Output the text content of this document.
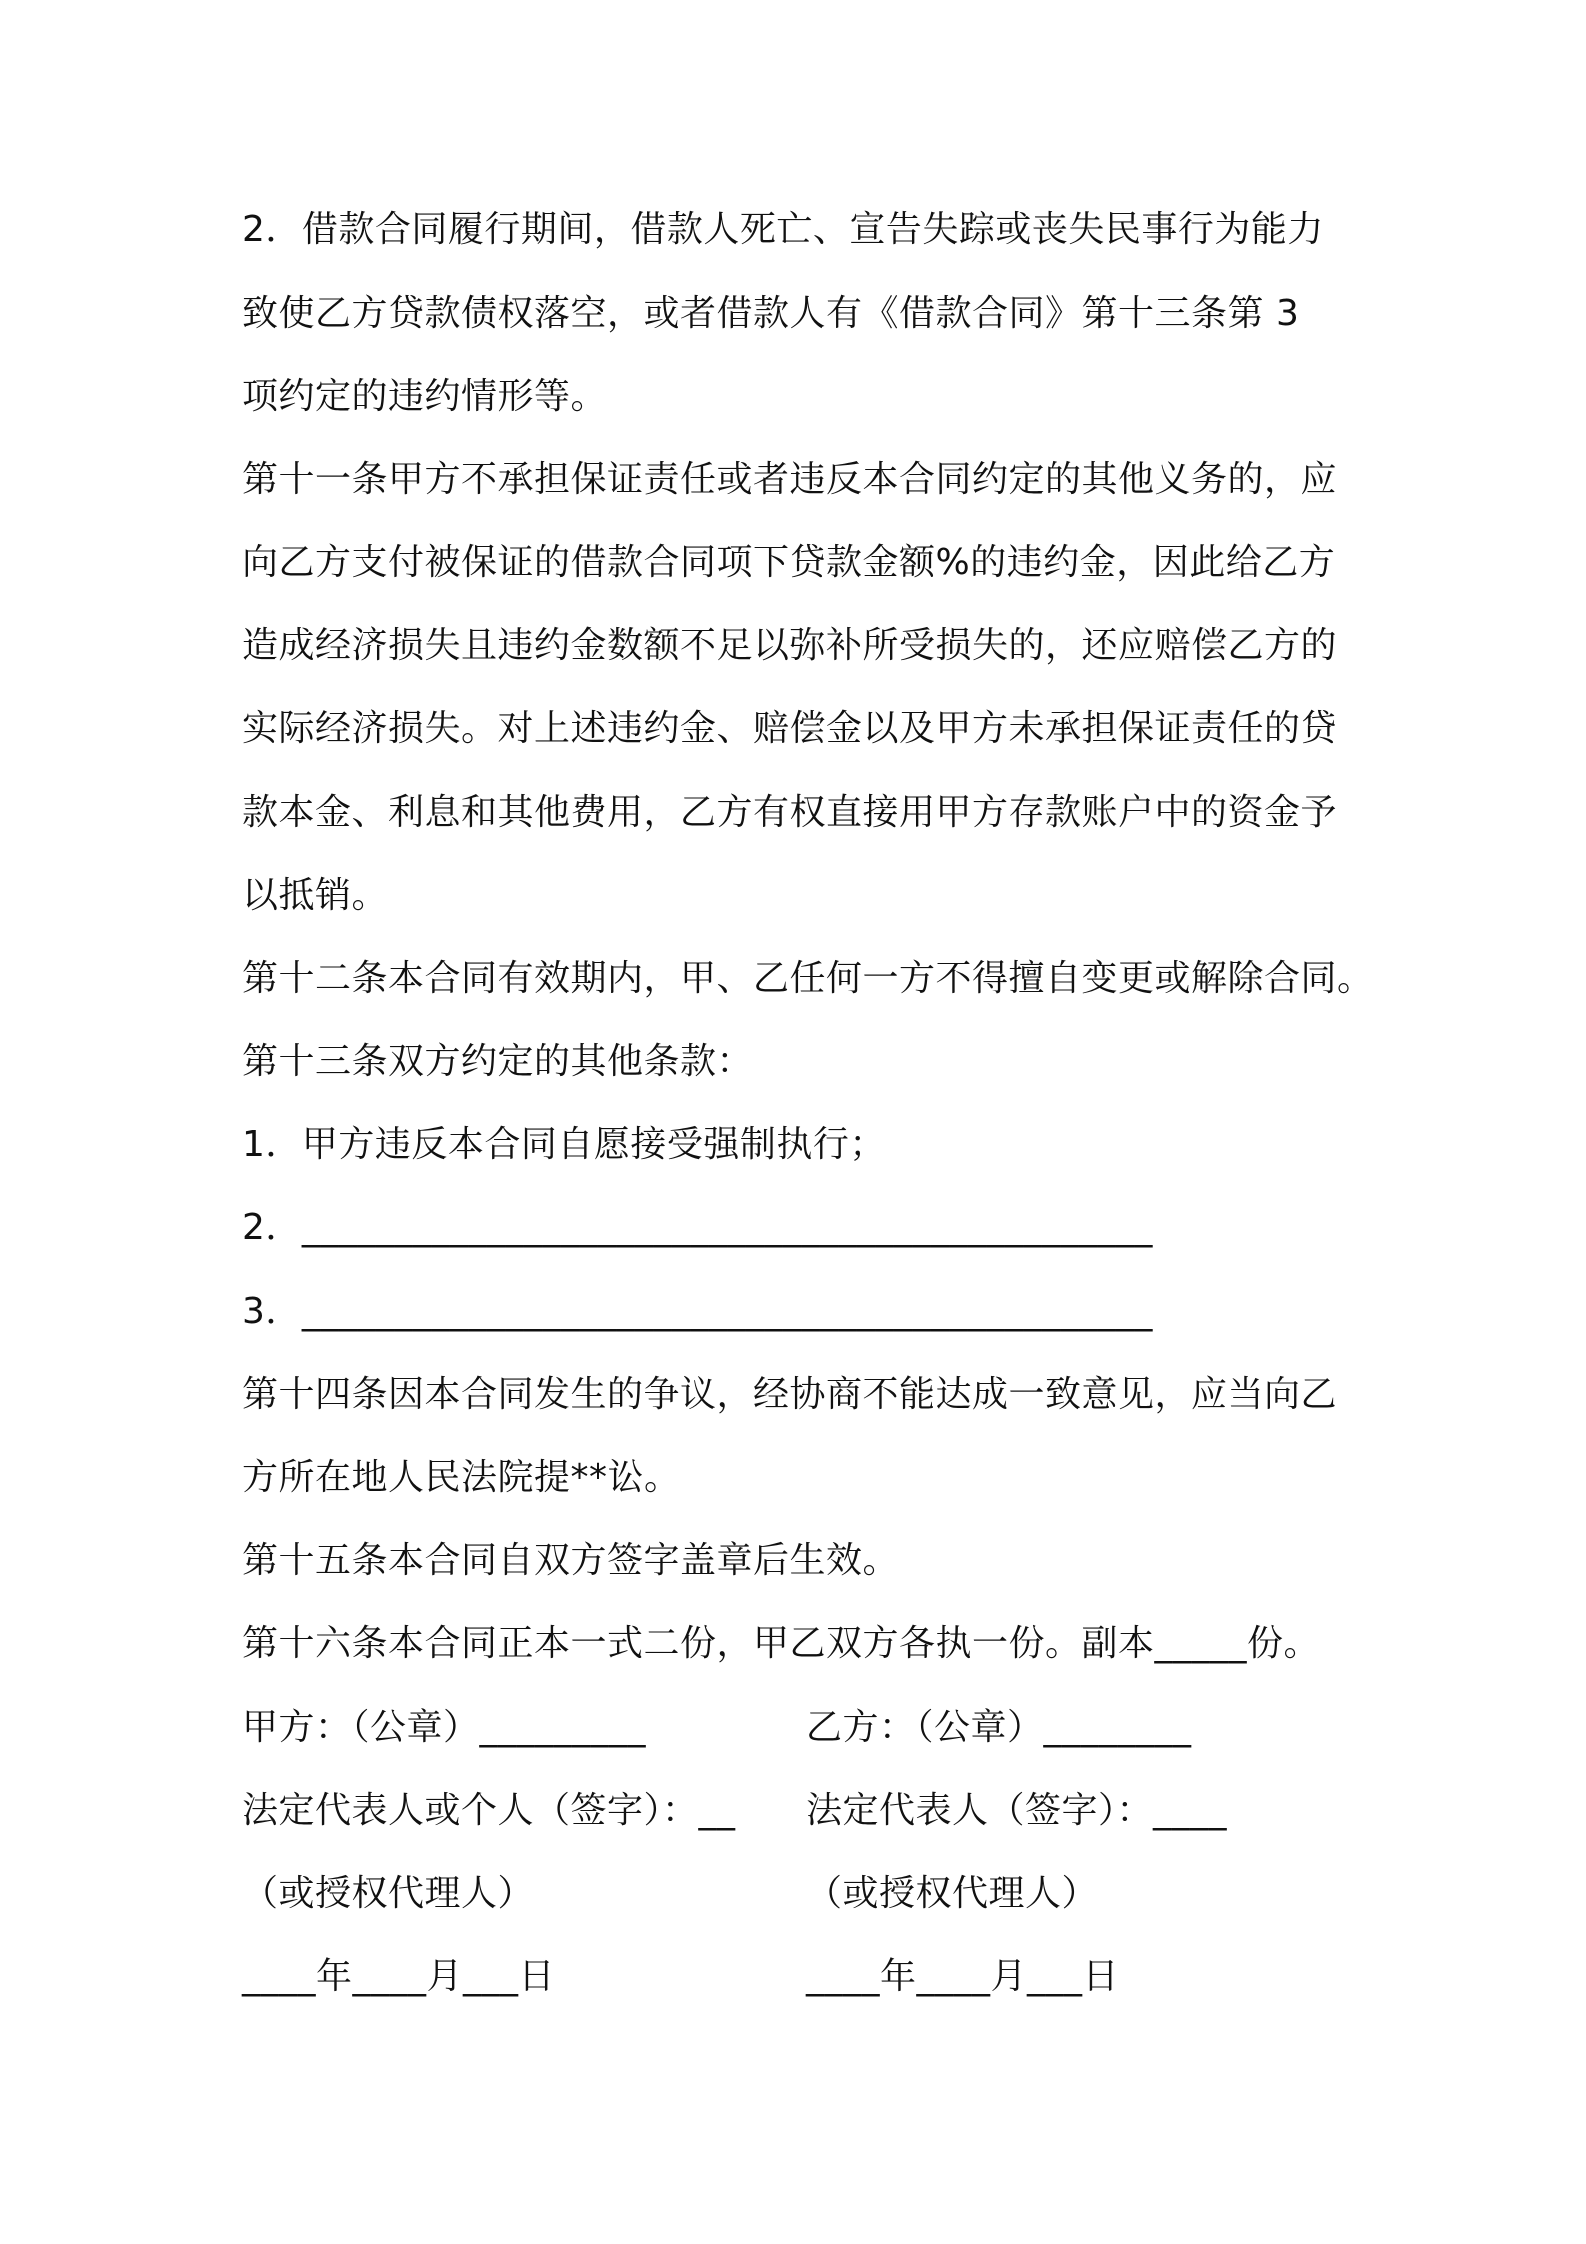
2．借款合同履行期间，借款人死亡、宣告失踪或丧失民事行为能力
致使乙方贷款债权落空，或者借款人有《借款合同》第十三条第 3
项约定的违约情形等。
第十一条甲方不承担保证责任或者违反本合同约定的其他义务的，应
向乙方支付被保证的借款合同项下贷款金额%的违约金，因此给乙方
造成经济损失且违约金数额不足以弥补所受损失的，还应赔偿乙方的
实际经济损失。对上述违约金、赔偿金以及甲方未承担保证责任的贷
款本金、利息和其他费用，乙方有权直接用甲方存款账户中的资金予
以抵销。
第十二条本合同有效期内，甲、乙任何一方不得擅自变更或解除合同。
第十三条双方约定的其他条款：
1．甲方违反本合同自愿接受强制执行；
2．______________________________________________
3．______________________________________________
第十四条因本合同发生的争议，经协商不能达成一致意见，应当向乙
方所在地人民法院提**讼。
第十五条本合同自双方签字盖章后生效。
第十六条本合同正本一式二份，甲乙双方各执一份。副本_____份。
甲方：（公章）_________	乙方：（公章）________
法定代表人或个人（签字）：__ 法定代表人（签字）：____
（或授权代理人）	（或授权代理人）
____年____月___日	____年____月___日
